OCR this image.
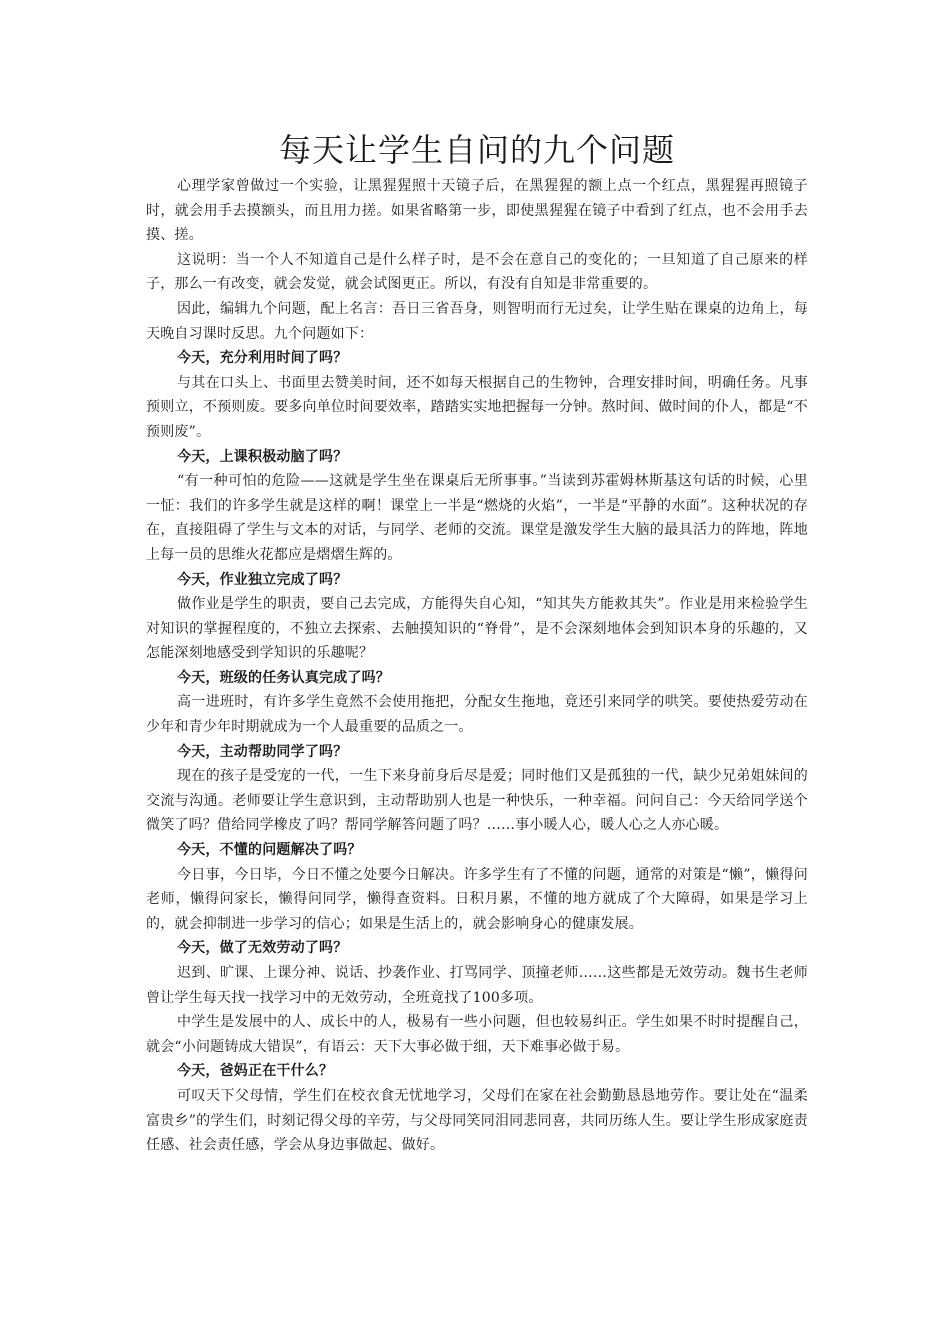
每天让学生自问的九个问题

心理学家曾做过一个实验，让黑猩猩照十天镜子后，在黑猩猩的额上点一个红点，黑猩猩再照镜子时，就会用手去摸额头，而且用力搓。如果省略第一步，即使黑猩猩在镜子中看到了红点，也不会用手去摸、搓。

这说明：当一个人不知道自己是什么样子时，是不会在意自己的变化的；一旦知道了自己原来的样子，那么一有改变，就会发觉，就会试图更正。所以，有没有自知是非常重要的。

因此，编辑九个问题，配上名言：吾日三省吾身，则智明而行无过矣，让学生贴在课桌的边角上，每天晚自习课时反思。九个问题如下：

今天，充分利用时间了吗？

与其在口头上、书面里去赞美时间，还不如每天根据自己的生物钟，合理安排时间，明确任务。凡事预则立，不预则废。要多向单位时间要效率，踏踏实实地把握每一分钟。熬时间、做时间的仆人，都是“不预则废”。

今天，上课积极动脑了吗？

“有一种可怕的危险——这就是学生坐在课桌后无所事事。”当读到苏霍姆林斯基这句话的时候，心里一怔：我们的许多学生就是这样的啊！课堂上一半是“燃烧的火焰”，一半是“平静的水面”。这种状况的存在，直接阻碍了学生与文本的对话，与同学、老师的交流。课堂是激发学生大脑的最具活力的阵地，阵地上每一员的思维火花都应是熠熠生辉的。

今天，作业独立完成了吗？

做作业是学生的职责，要自己去完成，方能得失自心知，“知其失方能救其失”。作业是用来检验学生对知识的掌握程度的，不独立去探索、去触摸知识的“脊骨”，是不会深刻地体会到知识本身的乐趣的，又怎能深刻地感受到学知识的乐趣呢？

今天，班级的任务认真完成了吗？

高一进班时，有许多学生竟然不会使用拖把，分配女生拖地，竟还引来同学的哄笑。要使热爱劳动在少年和青少年时期就成为一个人最重要的品质之一。

今天，主动帮助同学了吗？

现在的孩子是受宠的一代，一生下来身前身后尽是爱；同时他们又是孤独的一代，缺少兄弟姐妹间的交流与沟通。老师要让学生意识到，主动帮助别人也是一种快乐，一种幸福。问问自己：今天给同学送个微笑了吗？借给同学橡皮了吗？帮同学解答问题了吗？……事小暖人心，暖人心之人亦心暖。

今天，不懂的问题解决了吗？

今日事，今日毕，今日不懂之处要今日解决。许多学生有了不懂的问题，通常的对策是“懒”，懒得问老师，懒得问家长，懒得问同学，懒得查资料。日积月累，不懂的地方就成了个大障碍，如果是学习上的，就会抑制进一步学习的信心；如果是生活上的，就会影响身心的健康发展。

今天，做了无效劳动了吗？

迟到、旷课、上课分神、说话、抄袭作业、打骂同学、顶撞老师……这些都是无效劳动。魏书生老师曾让学生每天找一找学习中的无效劳动，全班竟找了100多项。

中学生是发展中的人、成长中的人，极易有一些小问题，但也较易纠正。学生如果不时时提醒自己，就会“小问题铸成大错误”，有语云：天下大事必做于细，天下难事必做于易。

今天，爸妈正在干什么？

可叹天下父母情，学生们在校衣食无忧地学习，父母们在家在社会勤勤恳恳地劳作。要让处在“温柔富贵乡”的学生们，时刻记得父母的辛劳，与父母同笑同泪同悲同喜，共同历练人生。要让学生形成家庭责任感、社会责任感，学会从身边事做起、做好。
